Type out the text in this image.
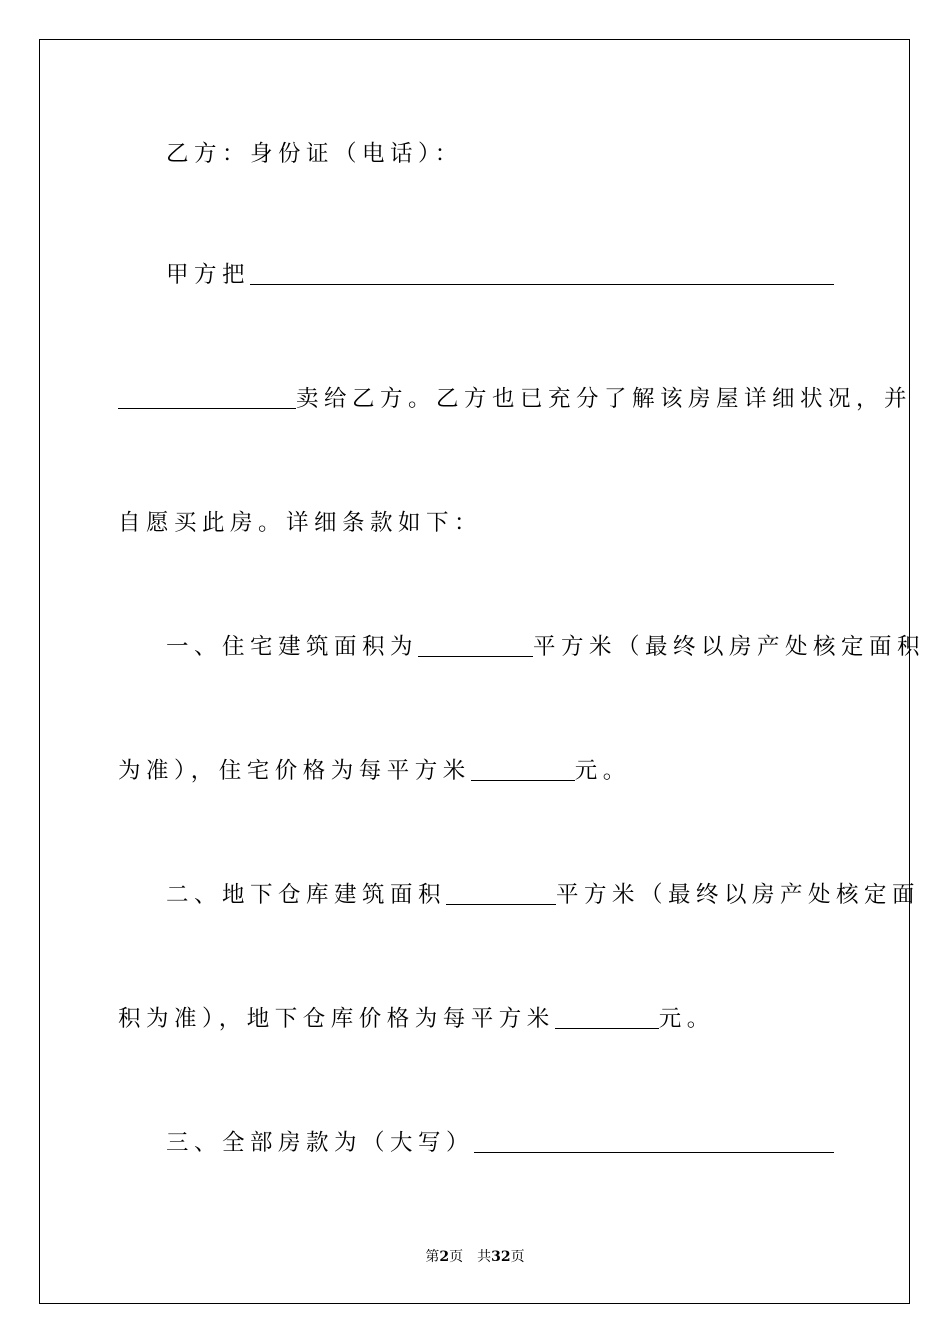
乙方：身份证（电话）：
甲方把
卖给乙方。乙方也已充分了解该房屋详细状况，并
自愿买此房。详细条款如下：
一、住宅建筑面积为	平方米（最终以房产处核定面积
为准），住宅价格为每平方米	元。
二、地下仓库建筑面积	平方米（最终以房产处核定面
积为准），地下仓库价格为每平方米	元。
三、全部房款为（大写）
第2页 共32页
